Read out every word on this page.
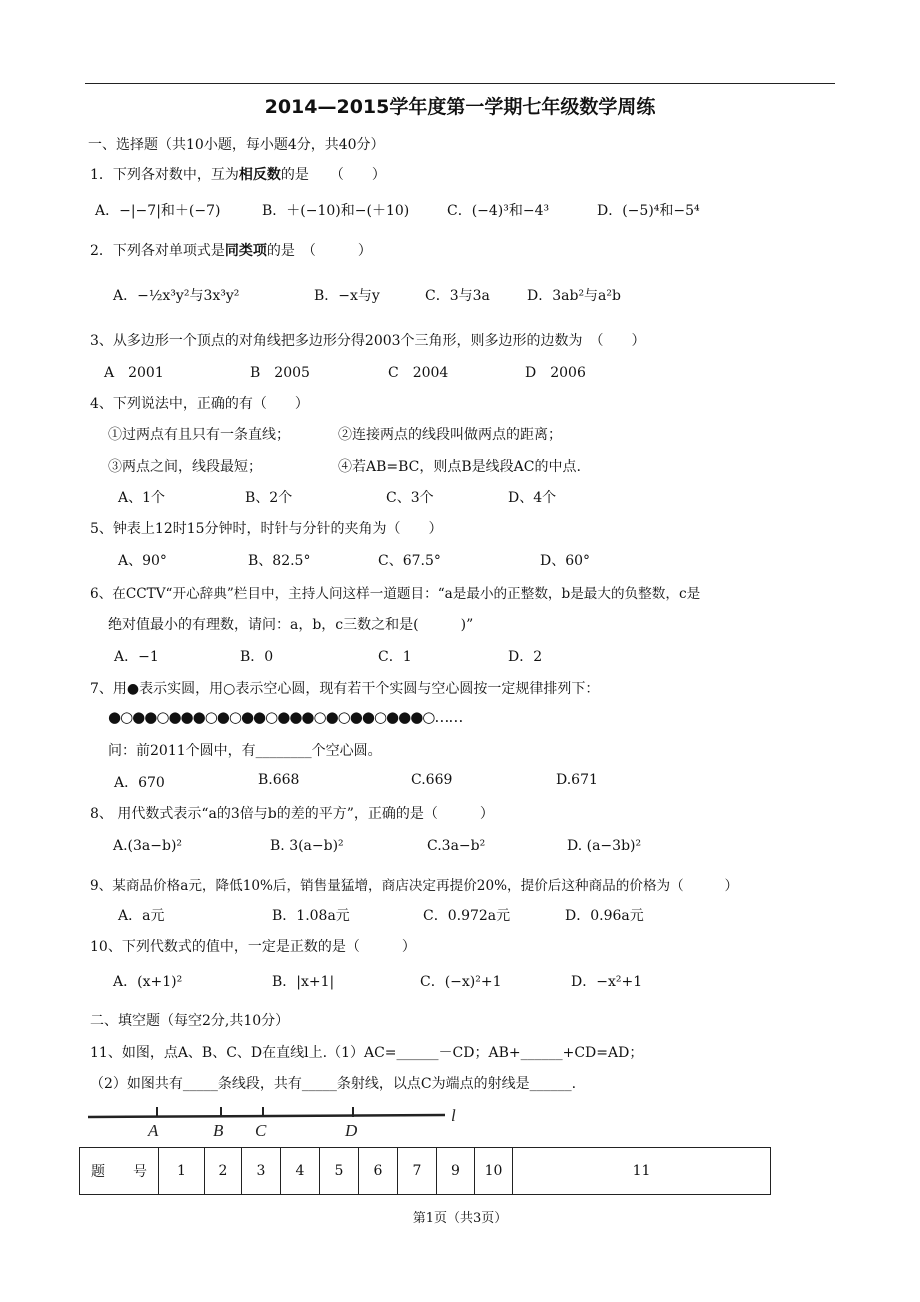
2014—2015学年度第一学期七年级数学周练
一、选择题（共10小题，每小题4分，共40分）
1．下列各对数中，互为相反数的是　　（　　）
A．−|−7|和＋(−7)	B．＋(−10)和−(＋10)	C．(−4)³和−4³	D．(−5)⁴和−5⁴
2．下列各对单项式是同类项的是　（　　　）
A．−½x³y²与3x³y²	B．−x与y	C．3与3a	D．3ab²与a²b
3、从多边形一个顶点的对角线把多边形分得2003个三角形，则多边形的边数为　（　　）
A　2001	B　2005	C　2004	D　2006
4、下列说法中，正确的有（　　）
①过两点有且只有一条直线；	②连接两点的线段叫做两点的距离；
③两点之间，线段最短；	④若AB=BC，则点B是线段AC的中点.
A、1个	B、2个	C、3个	D、4个
5、钟表上12时15分钟时，时针与分针的夹角为（　　）
A、90°	B、82.5°	C、67.5°	D、60°
6、在CCTV“开心辞典”栏目中，主持人问这样一道题目：“a是最小的正整数，b是最大的负整数，c是
绝对值最小的有理数，请问：a，b，c三数之和是(　　　)”
A．−1	B．0	C．1	D．2
7、用●表示实圆，用○表示空心圆，现有若干个实圆与空心圆按一定规律排列下：
●○●●○●●●○●○●●○●●●○●○●●○●●●○……
问：前2011个圆中，有________个空心圆。
A．670	B.668	C.669	D.671
8、 用代数式表示“a的3倍与b的差的平方”，正确的是（　　　）
A.(3a−b)²	B. 3(a−b)²	C.3a−b²	D. (a−3b)²
9、某商品价格a元，降低10%后，销售量猛增，商店决定再提价20%，提价后这种商品的价格为（　　　）
A．a元	B．1.08a元	C．0.972a元	D．0.96a元
10、下列代数式的值中，一定是正数的是（　　　）
A．(x+1)²	B．|x+1|	C．(−x)²+1	D．−x²+1
二、填空题（每空2分,共10分）
11、如图，点A、B、C、D在直线l上.（1）AC=______－CD；AB+______+CD=AD；
（2）如图共有_____条线段，共有_____条射线，以点C为端点的射线是______.
A	B C	D
l
题　　号	1	2	3	4	5	6	7	9	10	11
第1页（共3页）
